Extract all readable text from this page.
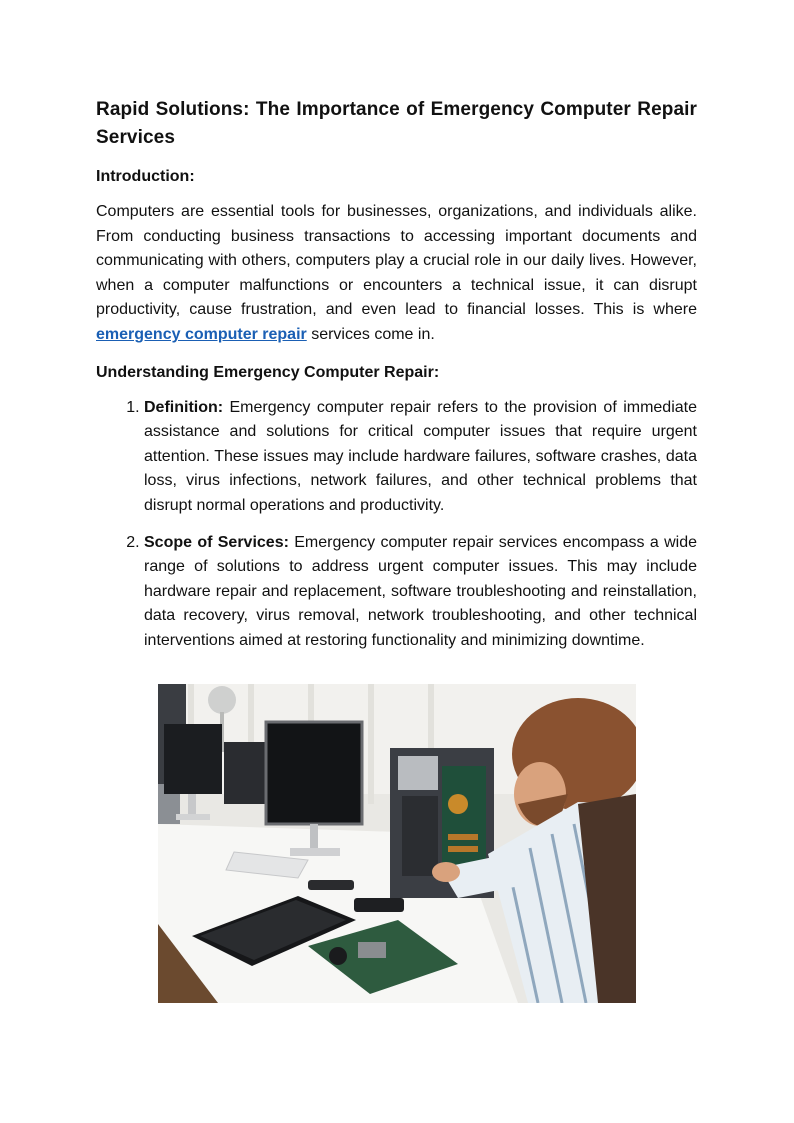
Rapid Solutions: The Importance of Emergency Computer Repair Services
Introduction:

Computers are essential tools for businesses, organizations, and individuals alike. From conducting business transactions to accessing important documents and communicating with others, computers play a crucial role in our daily lives. However, when a computer malfunctions or encounters a technical issue, it can disrupt productivity, cause frustration, and even lead to financial losses. This is where emergency computer repair services come in.

Understanding Emergency Computer Repair:
1. Definition: Emergency computer repair refers to the provision of immediate assistance and solutions for critical computer issues that require urgent attention. These issues may include hardware failures, software crashes, data loss, virus infections, network failures, and other technical problems that disrupt normal operations and productivity.
2. Scope of Services: Emergency computer repair services encompass a wide range of solutions to address urgent computer issues. This may include hardware repair and replacement, software troubleshooting and reinstallation, data recovery, virus removal, network troubleshooting, and other technical interventions aimed at restoring functionality and minimizing downtime.
